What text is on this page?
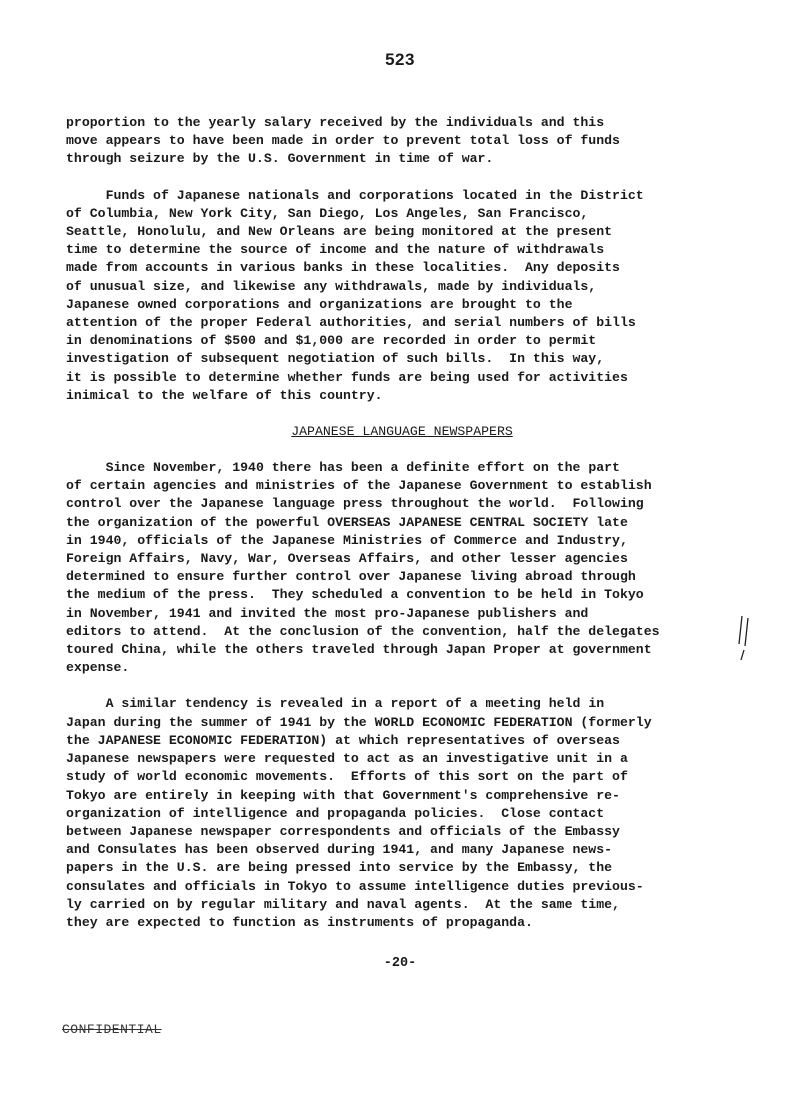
523

proportion to the yearly salary received by the individuals and this
move appears to have been made in order to prevent total loss of funds
through seizure by the U.S. Government in time of war.

Funds of Japanese nationals and corporations located in the District
of Columbia, New York City, San Diego, Los Angeles, San Francisco,
Seattle, Honolulu, and New Orleans are being monitored at the present
time to determine the source of income and the nature of withdrawals
made from accounts in various banks in these localities.  Any deposits
of unusual size, and likewise any withdrawals, made by individuals,
Japanese owned corporations and organizations are brought to the
attention of the proper Federal authorities, and serial numbers of bills
in denominations of $500 and $1,000 are recorded in order to permit
investigation of subsequent negotiation of such bills.  In this way,
it is possible to determine whether funds are being used for activities
inimical to the welfare of this country.

JAPANESE LANGUAGE NEWSPAPERS

Since November, 1940 there has been a definite effort on the part
of certain agencies and ministries of the Japanese Government to establish
control over the Japanese language press throughout the world.  Following
the organization of the powerful OVERSEAS JAPANESE CENTRAL SOCIETY late
in 1940, officials of the Japanese Ministries of Commerce and Industry,
Foreign Affairs, Navy, War, Overseas Affairs, and other lesser agencies
determined to ensure further control over Japanese living abroad through
the medium of the press.  They scheduled a convention to be held in Tokyo
in November, 1941 and invited the most pro-Japanese publishers and
editors to attend.  At the conclusion of the convention, half the delegates
toured China, while the others traveled through Japan Proper at government
expense.

A similar tendency is revealed in a report of a meeting held in
Japan during the summer of 1941 by the WORLD ECONOMIC FEDERATION (formerly
the JAPANESE ECONOMIC FEDERATION) at which representatives of overseas
Japanese newspapers were requested to act as an investigative unit in a
study of world economic movements.  Efforts of this sort on the part of
Tokyo are entirely in keeping with that Government's comprehensive re-
organization of intelligence and propaganda policies.  Close contact
between Japanese newspaper correspondents and officials of the Embassy
and Consulates has been observed during 1941, and many Japanese news-
papers in the U.S. are being pressed into service by the Embassy, the
consulates and officials in Tokyo to assume intelligence duties previous-
ly carried on by regular military and naval agents.  At the same time,
they are expected to function as instruments of propaganda.

-20-
CONFIDENTIAL
